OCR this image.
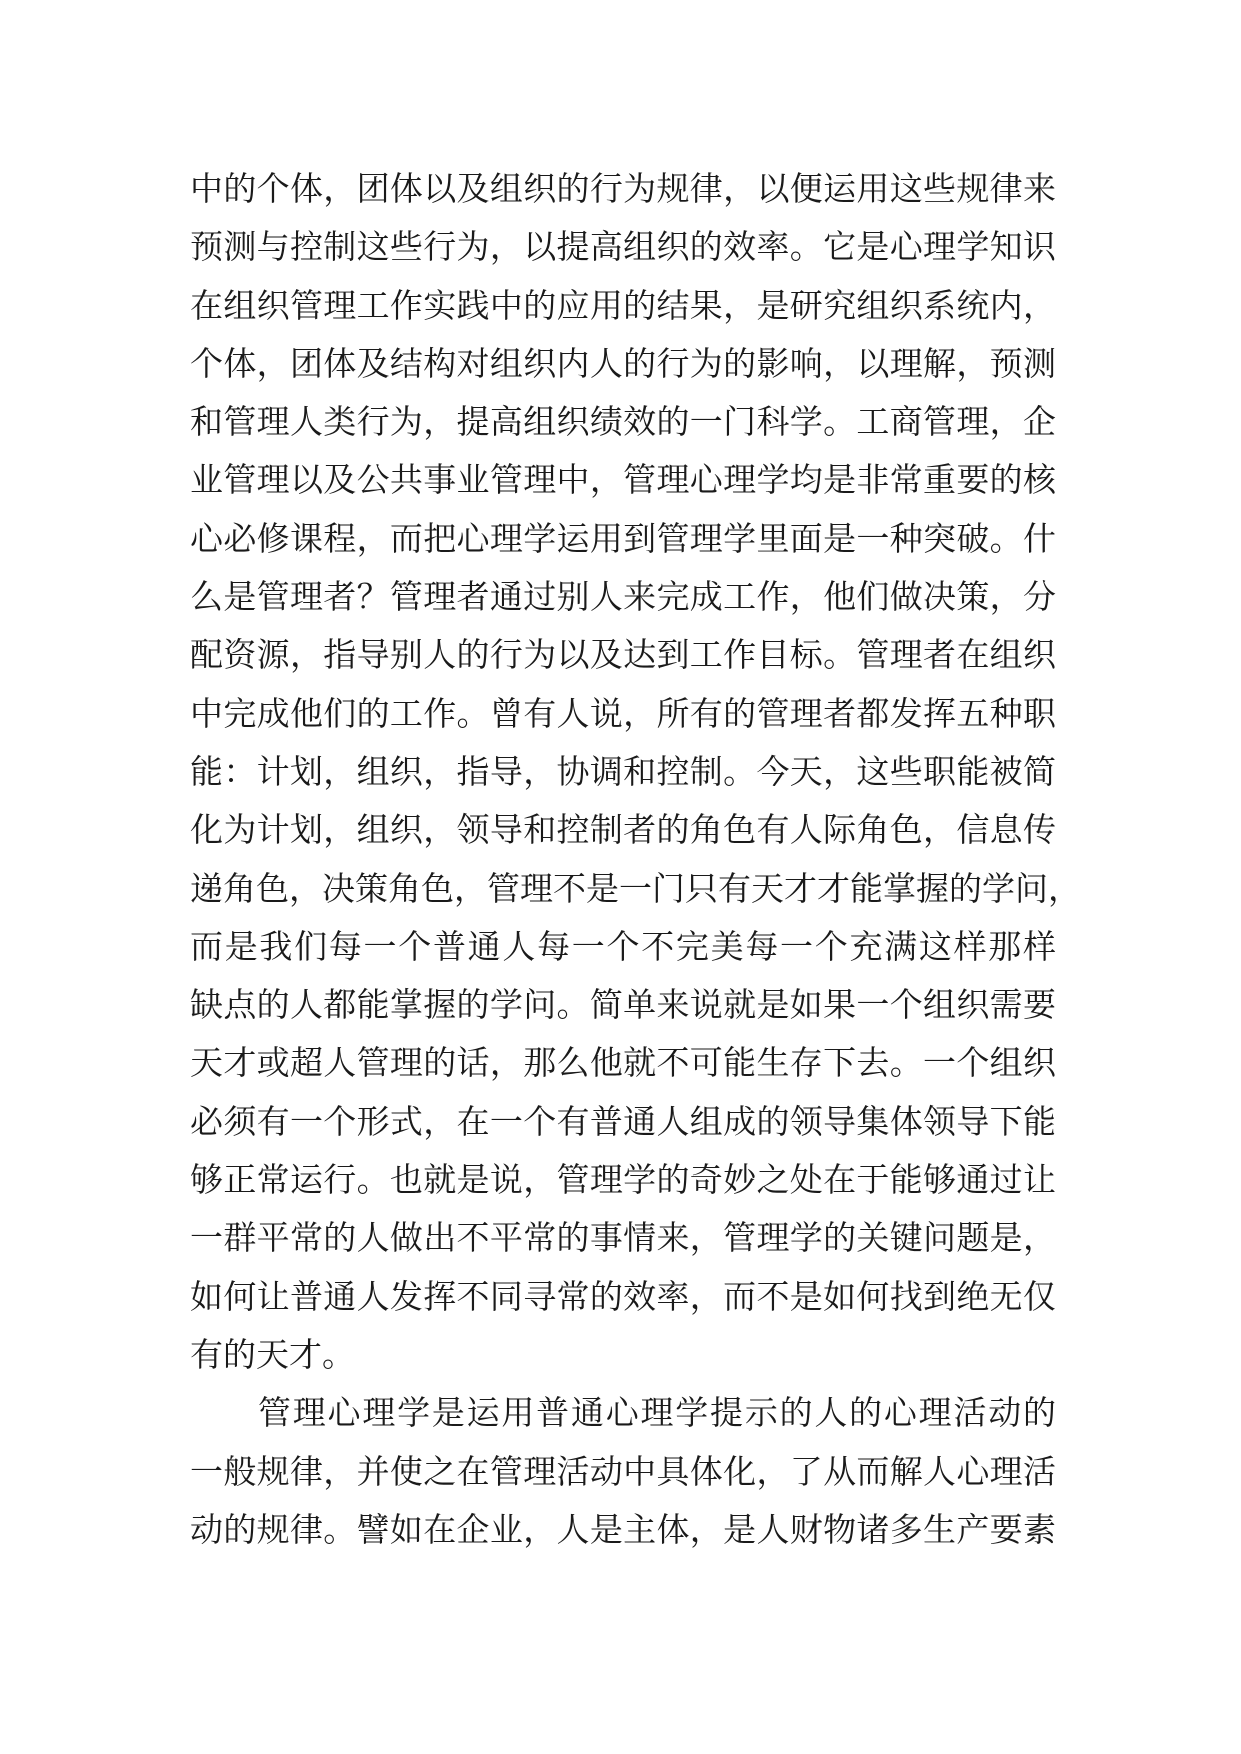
中的个体，团体以及组织的行为规律，以便运用这些规律来
预测与控制这些行为，以提高组织的效率。它是心理学知识
在组织管理工作实践中的应用的结果，是研究组织系统内，
个体，团体及结构对组织内人的行为的影响，以理解，预测
和管理人类行为，提高组织绩效的一门科学。工商管理，企
业管理以及公共事业管理中，管理心理学均是非常重要的核
心必修课程，而把心理学运用到管理学里面是一种突破。什
么是管理者？管理者通过别人来完成工作，他们做决策，分
配资源，指导别人的行为以及达到工作目标。管理者在组织
中完成他们的工作。曾有人说，所有的管理者都发挥五种职
能：计划，组织，指导，协调和控制。今天，这些职能被简
化为计划，组织，领导和控制者的角色有人际角色，信息传
递角色，决策角色，管理不是一门只有天才才能掌握的学问，
而是我们每一个普通人每一个不完美每一个充满这样那样
缺点的人都能掌握的学问。简单来说就是如果一个组织需要
天才或超人管理的话，那么他就不可能生存下去。一个组织
必须有一个形式，在一个有普通人组成的领导集体领导下能
够正常运行。也就是说，管理学的奇妙之处在于能够通过让
一群平常的人做出不平常的事情来，管理学的关键问题是，
如何让普通人发挥不同寻常的效率，而不是如何找到绝无仅
有的天才。
管理心理学是运用普通心理学提示的人的心理活动的
一般规律，并使之在管理活动中具体化，了从而解人心理活
动的规律。譬如在企业，人是主体，是人财物诸多生产要素
